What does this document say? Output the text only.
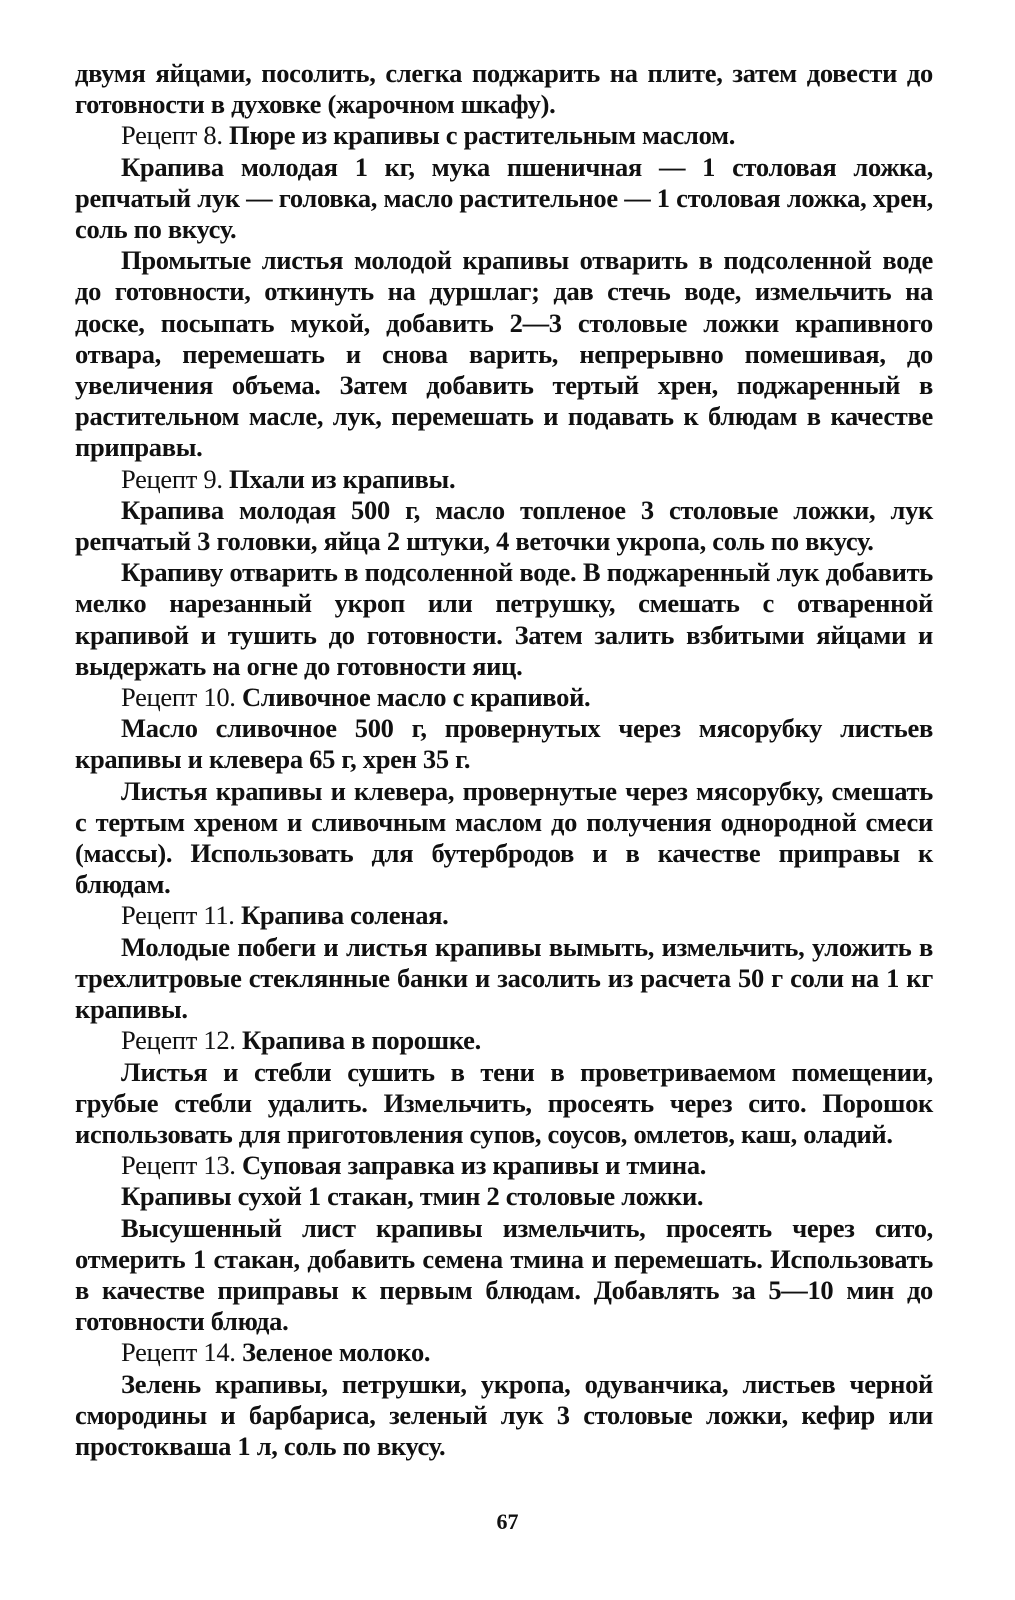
двумя яйцами, посолить, слегка поджарить на плите, затем довести до готовности в духовке (жарочном шкафу).

Рецепт 8. Пюре из крапивы с растительным маслом.

Крапива молодая 1 кг, мука пшеничная — 1 столовая ложка, репчатый лук — головка, масло растительное — 1 столовая ложка, хрен, соль по вкусу.

Промытые листья молодой крапивы отварить в подсоленной воде до готовности, откинуть на дуршлаг; дав стечь воде, измельчить на доске, посыпать мукой, добавить 2—3 столовые ложки крапивного отвара, перемешать и снова варить, непрерывно помешивая, до увеличения объема. Затем добавить тертый хрен, поджаренный в растительном масле, лук, перемешать и подавать к блюдам в качестве приправы.

Рецепт 9. Пхали из крапивы.

Крапива молодая 500 г, масло топленое 3 столовые ложки, лук репчатый 3 головки, яйца 2 штуки, 4 веточки укропа, соль по вкусу.

Крапиву отварить в подсоленной воде. В поджаренный лук добавить мелко нарезанный укроп или петрушку, смешать с отваренной крапивой и тушить до готовности. Затем залить взбитыми яйцами и выдержать на огне до готовности яиц.

Рецепт 10. Сливочное масло с крапивой.

Масло сливочное 500 г, провернутых через мясорубку листьев крапивы и клевера 65 г, хрен 35 г.

Листья крапивы и клевера, провернутые через мясорубку, смешать с тертым хреном и сливочным маслом до получения однородной смеси (массы). Использовать для бутербродов и в качестве приправы к блюдам.

Рецепт 11. Крапива соленая.

Молодые побеги и листья крапивы вымыть, измельчить, уложить в трехлитровые стеклянные банки и засолить из расчета 50 г соли на 1 кг крапивы.

Рецепт 12. Крапива в порошке.

Листья и стебли сушить в тени в проветриваемом помещении, грубые стебли удалить. Измельчить, просеять через сито. Порошок использовать для приготовления супов, соусов, омлетов, каш, оладий.

Рецепт 13. Суповая заправка из крапивы и тмина.

Крапивы сухой 1 стакан, тмин 2 столовые ложки.

Высушенный лист крапивы измельчить, просеять через сито, отмерить 1 стакан, добавить семена тмина и перемешать. Использовать в качестве приправы к первым блюдам. Добавлять за 5—10 мин до готовности блюда.

Рецепт 14. Зеленое молоко.

Зелень крапивы, петрушки, укропа, одуванчика, листьев черной смородины и барбариса, зеленый лук 3 столовые ложки, кефир или простокваша 1 л, соль по вкусу.

67
